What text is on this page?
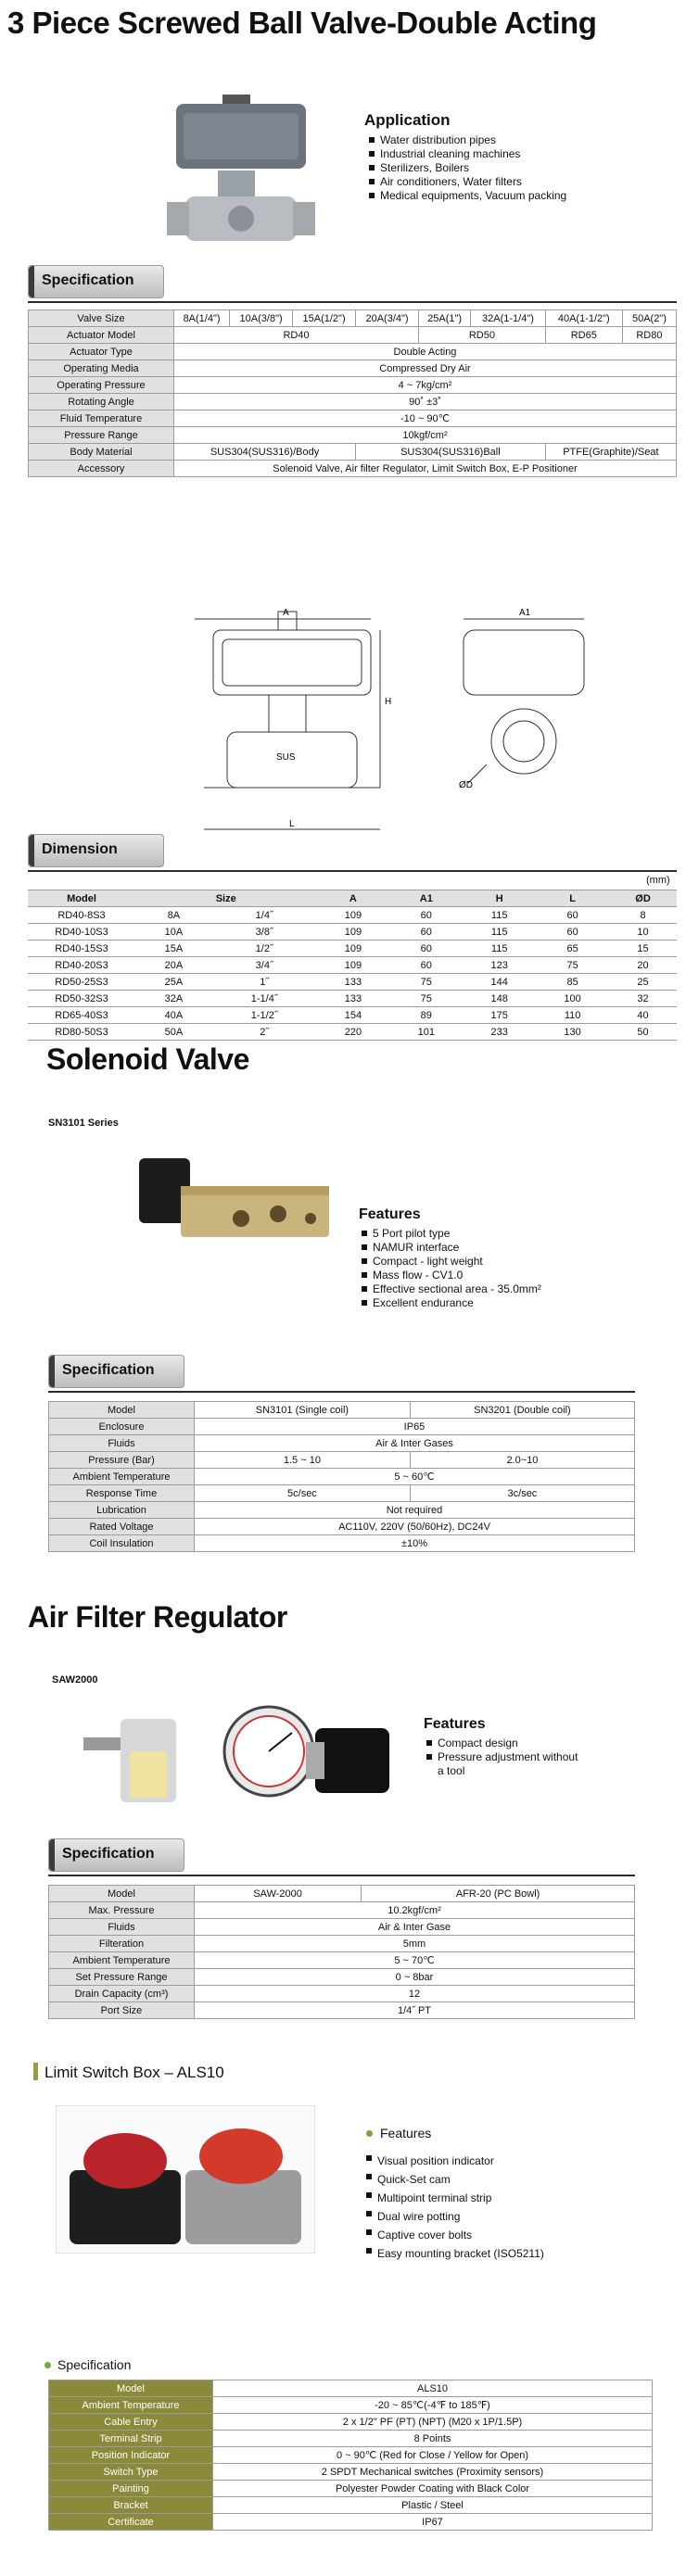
3 Piece Screwed Ball Valve-Double Acting
Application
Water distribution pipes
Industrial cleaning machines
Sterilizers, Boilers
Air conditioners, Water filters
Medical equipments, Vacuum packing
Specification
Valve Size	8A(1/4")	10A(3/8")	15A(1/2")	20A(3/4")	25A(1")	32A(1-1/4")	40A(1-1/2")	50A(2")
Actuator Model	RD40				RD50		RD65	RD80
Actuator Type	Double Acting							
Operating Media	Compressed Dry Air							
Operating Pressure	4 ~ 7kg/cm²							
Rotating Angle	90˚ ±3˚							
Fluid Temperature	-10 ~ 90℃							
Pressure Range	10kgf/cm²							
Body Material	SUS304(SUS316)/Body			SUS304(SUS316)Ball			PTFE(Graphite)/Seat	
Accessory	Solenoid Valve, Air filter Regulator, Limit Switch Box, E-P Positioner							
A	A1
SUS
L
H
ØD
Dimension
(mm)
Model	Size		A	A1	H	L	ØD
RD40-8S3	8A	1/4˝	109	60	115	60	8
RD40-10S3	10A	3/8˝	109	60	115	60	10
RD40-15S3	15A	1/2˝	109	60	115	65	15
RD40-20S3	20A	3/4˝	109	60	123	75	20
RD50-25S3	25A	1˝	133	75	144	85	25
RD50-32S3	32A	1-1/4˝	133	75	148	100	32
RD65-40S3	40A	1-1/2˝	154	89	175	110	40
RD80-50S3	50A	2˝	220	101	233	130	50
Solenoid Valve
SN3101 Series
Features
5 Port pilot type
NAMUR interface
Compact - light weight
Mass flow - CV1.0
Effective sectional area - 35.0mm²
Excellent endurance
Specification
Model	SN3101 (Single coil)	SN3201 (Double coil)
Enclosure	IP65	
Fluids	Air & Inter Gases	
Pressure (Bar)	1.5 ~ 10	2.0~10
Ambient Temperature	5 ~ 60℃	
Response Time	5c/sec	3c/sec
Lubrication	Not required	
Rated Voltage	AC110V, 220V (50/60Hz), DC24V	
Coil Insulation	±10%	
Air Filter Regulator
SAW2000
Features
Compact design
Pressure adjustment without a tool
Specification
Model	SAW-2000	AFR-20 (PC Bowl)
Max. Pressure	10.2kgf/cm²	
Fluids	Air & Inter Gase	
Filteration	5mm	
Ambient Temperature	5 ~ 70℃	
Set Pressure Range	0 ~ 8bar	
Drain Capacity (cm³)	12	
Port Size	1/4˝ PT	
Limit Switch Box – ALS10
Features
Visual position indicator
Quick-Set cam
Multipoint terminal strip
Dual wire potting
Captive cover bolts
Easy mounting bracket (ISO5211)
Specification
Model	ALS10
Ambient Temperature	-20 ~ 85℃(-4℉ to 185℉)
Cable Entry	2 x 1/2" PF (PT) (NPT) (M20 x 1P/1.5P)
Terminal Strip	8 Points
Position Indicator	0 ~ 90℃ (Red for Close / Yellow for Open)
Switch Type	2 SPDT Mechanical switches (Proximity sensors)
Painting	Polyester Powder Coating with Black Color
Bracket	Plastic / Steel
Certificate	IP67
